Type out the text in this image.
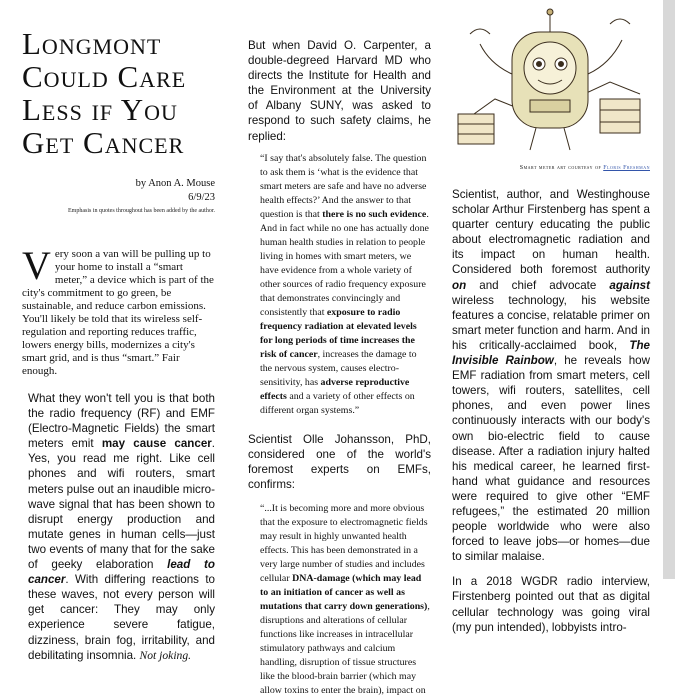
Longmont
Could Care
Less if You
Get Cancer
by Anon A. Mouse
6/9/23
Emphasis in quotes throughout has been added by the author.
Very soon a van will be pulling up to your home to install a “smart meter,” a device which is part of the city's commitment to go green, be sustainable, and reduce carbon emissions. You'll likely be told that its wireless self-regulation and reporting reduces traffic, lowers energy bills, modernizes a city's smart grid, and is thus “smart.” Fair enough.
What they won't tell you is that both the radio frequency (RF) and EMF (Electro-Magnetic Fields) the smart meters emit may cause cancer. Yes, you read me right. Like cell phones and wifi routers, smart meters pulse out an inaudible micro-wave signal that has been shown to disrupt energy production and mutate genes in human cells—just two events of many that for the sake of geeky elaboration lead to cancer. With differing reactions to these waves, not every person will get cancer: They may only experience severe fatigue, dizziness, brain fog, irritability, and debilitating insomnia. Not joking.
But when David O. Carpenter, a double-degreed Harvard MD who directs the Institute for Health and the Environment at the University of Albany SUNY, was asked to respond to such safety claims, he replied:
“I say that's absolutely false. The question to ask them is ‘what is the evidence that smart meters are safe and have no adverse health effects?’ And the answer to that question is that there is no such evidence. And in fact while no one has actually done human health studies in relation to people living in homes with smart meters, we have evidence from a whole variety of other sources of radio frequency exposure that demonstrates convincingly and consistently that exposure to radio frequency radiation at elevated levels for long periods of time increases the risk of cancer, increases the damage to the nervous system, causes electro-sensitivity, has adverse reproductive effects and a variety of other effects on different organ systems.”
Scientist Olle Johansson, PhD, considered one of the world's foremost experts on EMFs, confirms:
“...It is becoming more and more obvious that the exposure to electromagnetic fields may result in highly unwanted health effects. This has been demonstrated in a very large number of studies and includes cellular DNA-damage (which may lead to an initiation of cancer as well as mutations that carry down generations), disruptions and alterations of cellular functions like increases in intracellular stimulatory pathways and calcium handling, disruption of tissue structures like the blood-brain barrier (which may allow toxins to enter the brain), impact on
Smart meter art courtesy of Floris Freshman
Scientist, author, and Westinghouse scholar Arthur Firstenberg has spent a quarter century educating the public about electromagnetic radiation and its impact on human health. Considered both foremost authority on and chief advocate against wireless technology, his website features a concise, relatable primer on smart meter function and harm. And in his critically-acclaimed book, The Invisible Rainbow, he reveals how EMF radiation from smart meters, cell towers, wifi routers, satellites, cell phones, and even power lines continuously interacts with our body's own bio-electric field to cause disease. After a radiation injury halted his medical career, he learned first-hand what guidance and resources were required to give other “EMF refugees,” the estimated 20 million people worldwide who were also forced to leave jobs—or homes—due to similar malaise.
In a 2018 WGDR radio interview, Firstenberg pointed out that as digital cellular technology was going viral (my pun intended), lobbyists intro-
